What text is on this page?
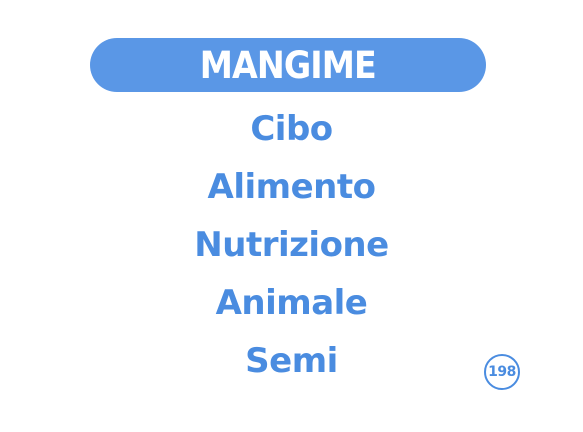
MANGIME
Cibo
Alimento
Nutrizione
Animale
Semi	198
